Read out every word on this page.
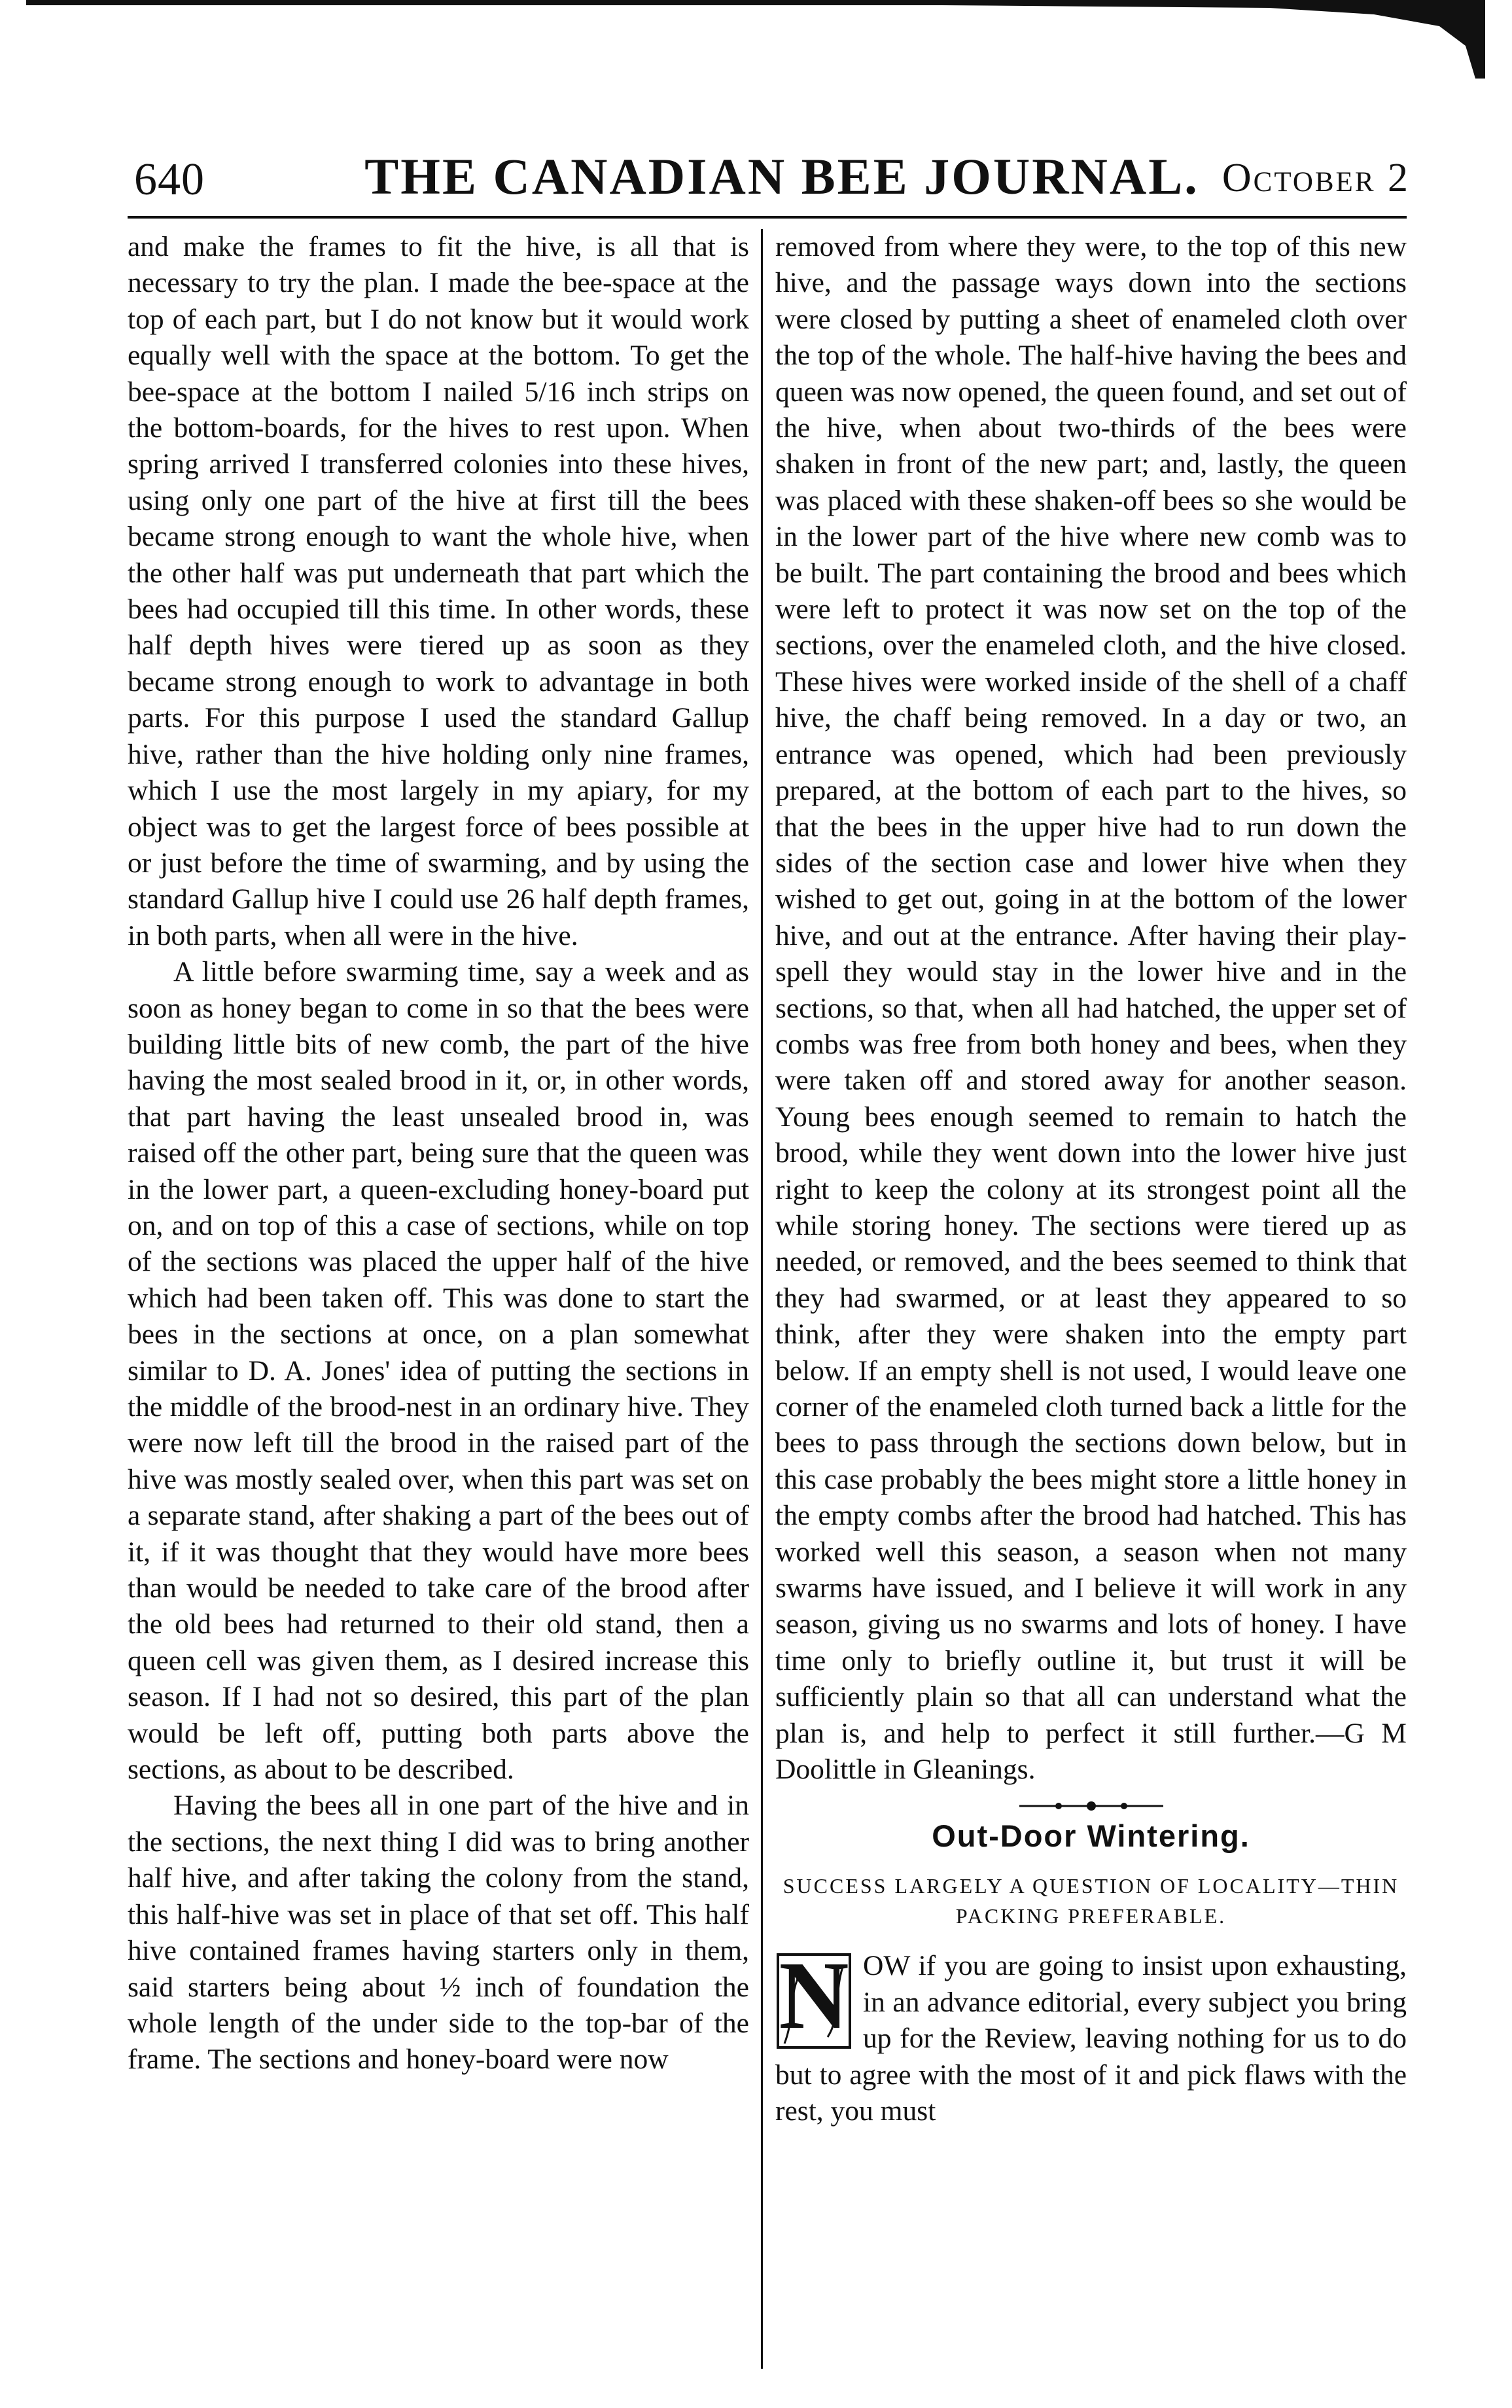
640	THE CANADIAN BEE JOURNAL. October 2

and make the frames to fit the hive, is all that is necessary to try the plan. I made the bee-space at the top of each part, but I do not know but it would work equally well with the space at the bottom. To get the bee-space at the bottom I nailed 5/16 inch strips on the bottom-boards, for the hives to rest upon. When spring arrived I transferred colonies into these hives, using only one part of the hive at first till the bees became strong enough to want the whole hive, when the other half was put underneath that part which the bees had occupied till this time. In other words, these half depth hives were tiered up as soon as they became strong enough to work to advantage in both parts. For this purpose I used the standard Gallup hive, rather than the hive holding only nine frames, which I use the most largely in my apiary, for my object was to get the largest force of bees possible at or just before the time of swarming, and by using the standard Gallup hive I could use 26 half depth frames, in both parts, when all were in the hive.

A little before swarming time, say a week and as soon as honey began to come in so that the bees were building little bits of new comb, the part of the hive having the most sealed brood in it, or, in other words, that part having the least unsealed brood in, was raised off the other part, being sure that the queen was in the lower part, a queen-excluding honey-board put on, and on top of this a case of sections, while on top of the sections was placed the upper half of the hive which had been taken off. This was done to start the bees in the sections at once, on a plan somewhat similar to D. A. Jones' idea of putting the sections in the middle of the brood-nest in an ordinary hive. They were now left till the brood in the raised part of the hive was mostly sealed over, when this part was set on a separate stand, after shaking a part of the bees out of it, if it was thought that they would have more bees than would be needed to take care of the brood after the old bees had returned to their old stand, then a queen cell was given them, as I desired increase this season. If I had not so desired, this part of the plan would be left off, putting both parts above the sections, as about to be described.

Having the bees all in one part of the hive and in the sections, the next thing I did was to bring another half hive, and after taking the colony from the stand, this half-hive was set in place of that set off. This half hive contained frames having starters only in them, said starters being about ½ inch of foundation the whole length of the under side to the top-bar of the frame. The sections and honey-board were now

removed from where they were, to the top of this new hive, and the passage ways down into the sections were closed by putting a sheet of enameled cloth over the top of the whole. The half-hive having the bees and queen was now opened, the queen found, and set out of the hive, when about two-thirds of the bees were shaken in front of the new part; and, lastly, the queen was placed with these shaken-off bees so she would be in the lower part of the hive where new comb was to be built. The part containing the brood and bees which were left to protect it was now set on the top of the sections, over the enameled cloth, and the hive closed. These hives were worked inside of the shell of a chaff hive, the chaff being removed. In a day or two, an entrance was opened, which had been previously prepared, at the bottom of each part to the hives, so that the bees in the upper hive had to run down the sides of the section case and lower hive when they wished to get out, going in at the bottom of the lower hive, and out at the entrance. After having their play-spell they would stay in the lower hive and in the sections, so that, when all had hatched, the upper set of combs was free from both honey and bees, when they were taken off and stored away for another season. Young bees enough seemed to remain to hatch the brood, while they went down into the lower hive just right to keep the colony at its strongest point all the while storing honey. The sections were tiered up as needed, or removed, and the bees seemed to think that they had swarmed, or at least they appeared to so think, after they were shaken into the empty part below. If an empty shell is not used, I would leave one corner of the enameled cloth turned back a little for the bees to pass through the sections down below, but in this case probably the bees might store a little honey in the empty combs after the brood had hatched. This has worked well this season, a season when not many swarms have issued, and I believe it will work in any season, giving us no swarms and lots of honey. I have time only to briefly outline it, but trust it will be sufficiently plain so that all can understand what the plan is, and help to perfect it still further.—G M Doolittle in Gleanings.

Out-Door Wintering.
SUCCESS LARGELY A QUESTION OF LOCALITY—THIN PACKING PREFERABLE.
N OW if you are going to insist upon exhausting, in an advance editorial, every subject you bring up for the Review, leaving nothing for us to do but to agree with the most of it and pick flaws with the rest, you must
